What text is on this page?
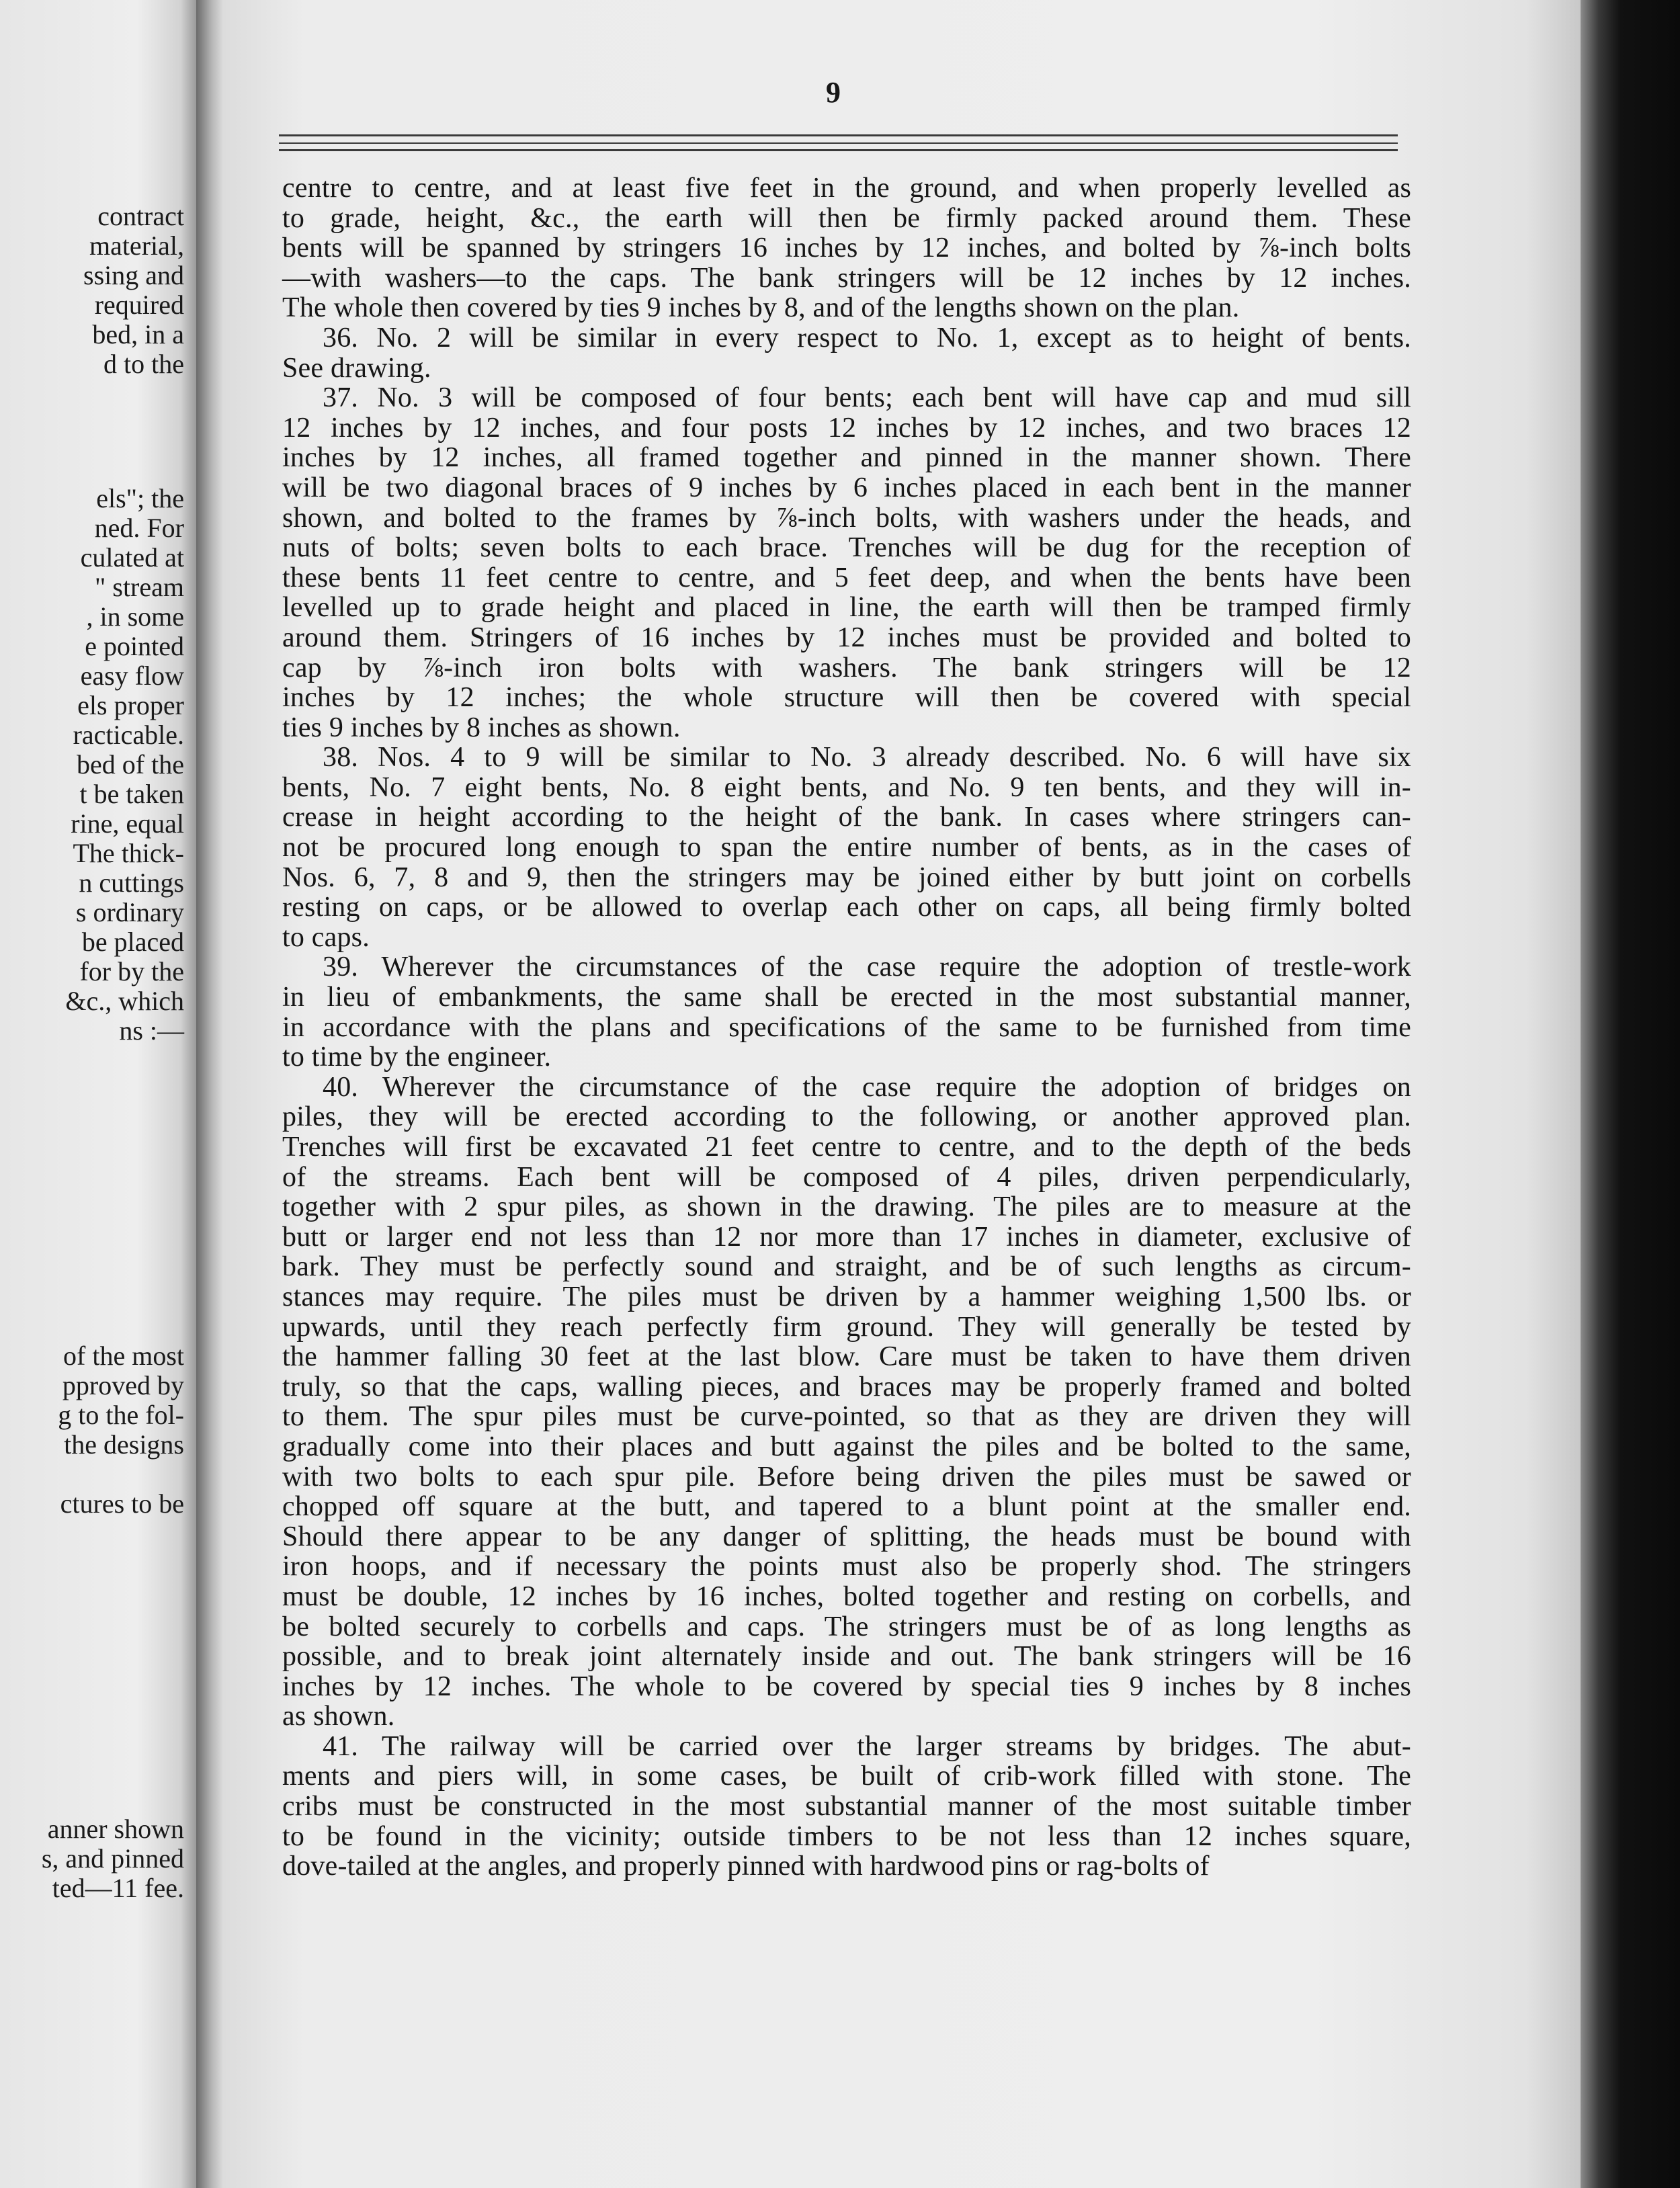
contract
material,
ssing and
required
bed, in a
d to the
els"; the
ned. For
culated at
" stream
, in some
e pointed
easy flow
els proper
racticable.
bed of the
t be taken
rine, equal
The thick-
n cuttings
s ordinary
be placed
for by the
&c., which
ns :—
of the most
pproved by
g to the fol-
the designs
ctures to be
anner shown
s, and pinned
ted—11 fee.
9

centre to centre, and at least five feet in the ground, and when properly levelled as
to grade, height, &c., the earth will then be firmly packed around them. These
bents will be spanned by stringers 16 inches by 12 inches, and bolted by ⅞-inch bolts
—with washers—to the caps. The bank stringers will be 12 inches by 12 inches.
The whole then covered by ties 9 inches by 8, and of the lengths shown on the plan.

36. No. 2 will be similar in every respect to No. 1, except as to height of bents.
See drawing.

37. No. 3 will be composed of four bents; each bent will have cap and mud sill
12 inches by 12 inches, and four posts 12 inches by 12 inches, and two braces 12
inches by 12 inches, all framed together and pinned in the manner shown. There
will be two diagonal braces of 9 inches by 6 inches placed in each bent in the manner
shown, and bolted to the frames by ⅞-inch bolts, with washers under the heads, and
nuts of bolts; seven bolts to each brace. Trenches will be dug for the reception of
these bents 11 feet centre to centre, and 5 feet deep, and when the bents have been
levelled up to grade height and placed in line, the earth will then be tramped firmly
around them. Stringers of 16 inches by 12 inches must be provided and bolted to
cap by ⅞-inch iron bolts with washers. The bank stringers will be 12
inches by 12 inches; the whole structure will then be covered with special
ties 9 inches by 8 inches as shown.

38. Nos. 4 to 9 will be similar to No. 3 already described. No. 6 will have six
bents, No. 7 eight bents, No. 8 eight bents, and No. 9 ten bents, and they will in-
crease in height according to the height of the bank. In cases where stringers can-
not be procured long enough to span the entire number of bents, as in the cases of
Nos. 6, 7, 8 and 9, then the stringers may be joined either by butt joint on corbells
resting on caps, or be allowed to overlap each other on caps, all being firmly bolted
to caps.

39. Wherever the circumstances of the case require the adoption of trestle-work
in lieu of embankments, the same shall be erected in the most substantial manner,
in accordance with the plans and specifications of the same to be furnished from time
to time by the engineer.

40. Wherever the circumstance of the case require the adoption of bridges on
piles, they will be erected according to the following, or another approved plan.
Trenches will first be excavated 21 feet centre to centre, and to the depth of the beds
of the streams. Each bent will be composed of 4 piles, driven perpendicularly,
together with 2 spur piles, as shown in the drawing. The piles are to measure at the
butt or larger end not less than 12 nor more than 17 inches in diameter, exclusive of
bark. They must be perfectly sound and straight, and be of such lengths as circum-
stances may require. The piles must be driven by a hammer weighing 1,500 lbs. or
upwards, until they reach perfectly firm ground. They will generally be tested by
the hammer falling 30 feet at the last blow. Care must be taken to have them driven
truly, so that the caps, walling pieces, and braces may be properly framed and bolted
to them. The spur piles must be curve-pointed, so that as they are driven they will
gradually come into their places and butt against the piles and be bolted to the same,
with two bolts to each spur pile. Before being driven the piles must be sawed or
chopped off square at the butt, and tapered to a blunt point at the smaller end.
Should there appear to be any danger of splitting, the heads must be bound with
iron hoops, and if necessary the points must also be properly shod. The stringers
must be double, 12 inches by 16 inches, bolted together and resting on corbells, and
be bolted securely to corbells and caps. The stringers must be of as long lengths as
possible, and to break joint alternately inside and out. The bank stringers will be 16
inches by 12 inches. The whole to be covered by special ties 9 inches by 8 inches
as shown.

41. The railway will be carried over the larger streams by bridges. The abut-
ments and piers will, in some cases, be built of crib-work filled with stone. The
cribs must be constructed in the most substantial manner of the most suitable timber
to be found in the vicinity; outside timbers to be not less than 12 inches square,
dove-tailed at the angles, and properly pinned with hardwood pins or rag-bolts of
